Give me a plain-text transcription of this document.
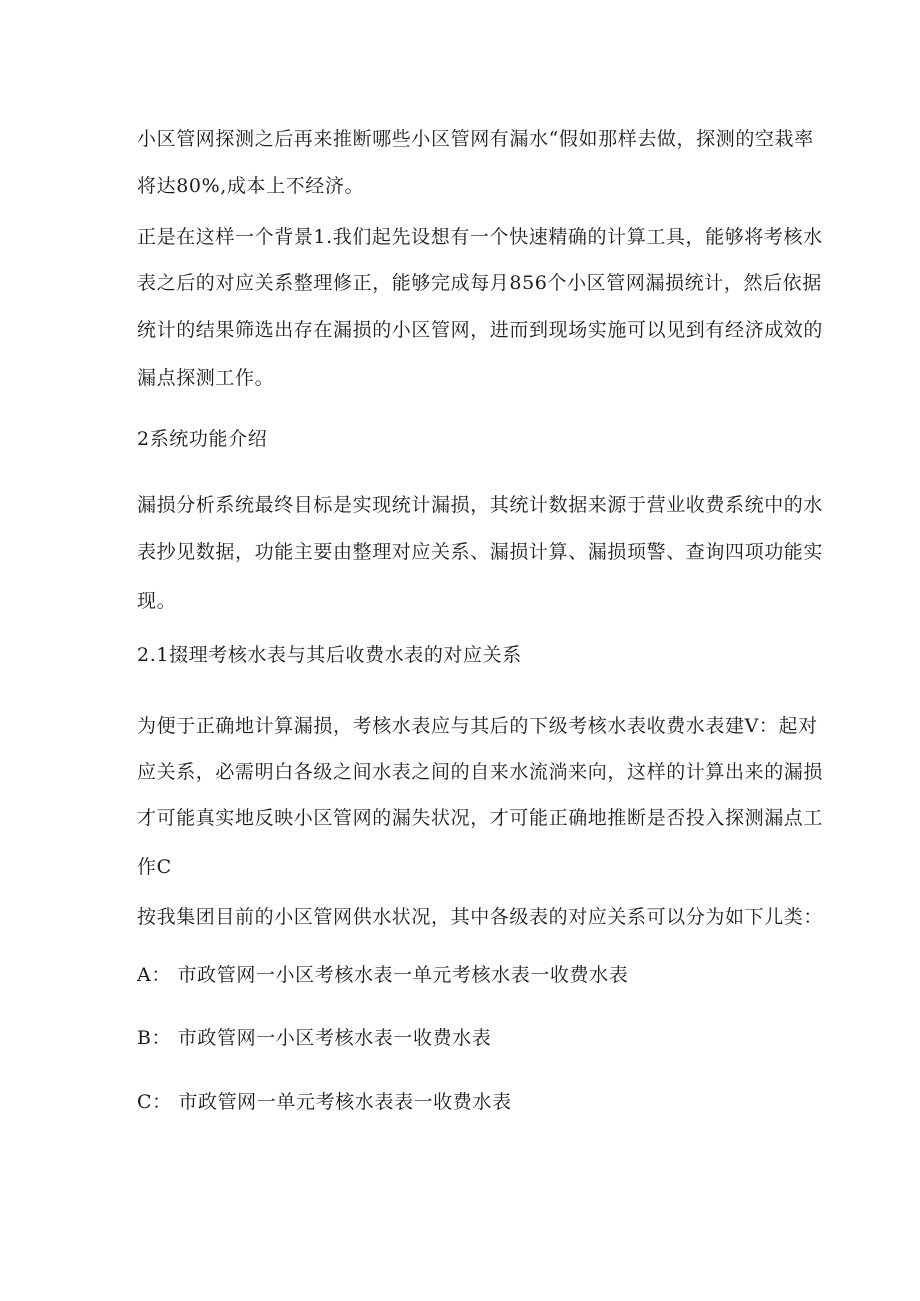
小区管网探测之后再来推断哪些小区管网有漏水“假如那样去做，探测的空栽率

将达80%,成本上不经济。

正是在这样一个背景1.我们起先设想有一个快速精确的计算工具，能够将考核水

表之后的对应关系整理修正，能够完成每月856个小区管网漏损统计，然后依据

统计的结果筛选出存在漏损的小区管网，进而到现场实施可以见到有经济成效的

漏点探测工作。

2系统功能介绍

漏损分析系统最终目标是实现统计漏损，其统计数据来源于营业收费系统中的水

表抄见数据，功能主要由整理对应关系、漏损计算、漏损顼警、查询四项功能实

现。

2.1掇理考核水表与其后收费水表的对应关系

为便于正确地计算漏损，考核水表应与其后的下级考核水表收费水表建V：起对

应关系，必需明白各级之间水表之间的自来水流淌来向，这样的计算出来的漏损

才可能真实地反映小区管网的漏失状况，才可能正确地推断是否投入探测漏点工

作C

按我集团目前的小区管网供水状况，其中各级表的对应关系可以分为如下儿类：

A： 市政管网一小区考核水表一单元考核水表一收费水表

B： 市政管网一小区考核水表一收费水表

C： 市政管网一单元考核水表表一收费水表
